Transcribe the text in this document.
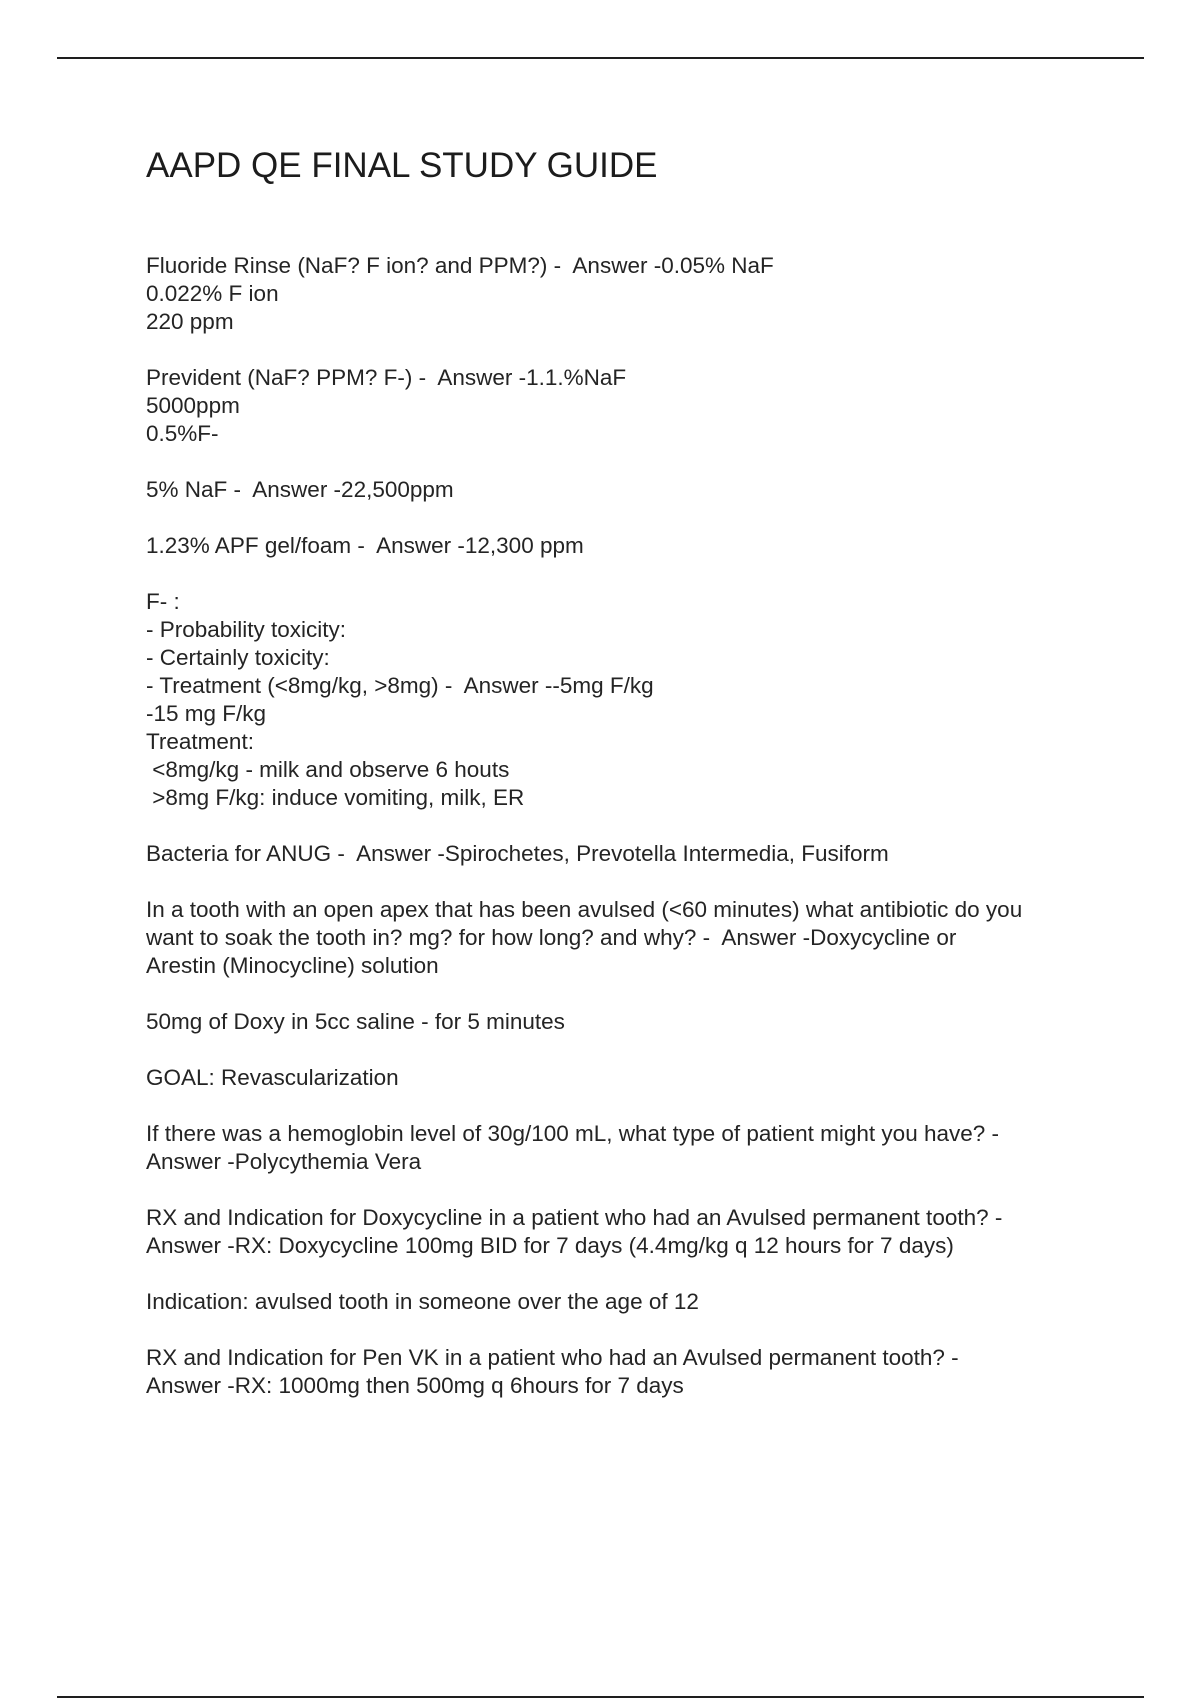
AAPD QE FINAL STUDY GUIDE

Fluoride Rinse (NaF? F ion? and PPM?) -  Answer -0.05% NaF
0.022% F ion
220 ppm

Prevident (NaF? PPM? F-) -  Answer -1.1.%NaF
5000ppm
0.5%F-

5% NaF -  Answer -22,500ppm

1.23% APF gel/foam -  Answer -12,300 ppm

F- :
- Probability toxicity:
- Certainly toxicity:
- Treatment (<8mg/kg, >8mg) -  Answer --5mg F/kg
-15 mg F/kg
Treatment:
<8mg/kg - milk and observe 6 houts
>8mg F/kg: induce vomiting, milk, ER

Bacteria for ANUG -  Answer -Spirochetes, Prevotella Intermedia, Fusiform

In a tooth with an open apex that has been avulsed (<60 minutes) what antibiotic do you
want to soak the tooth in? mg? for how long? and why? -  Answer -Doxycycline or
Arestin (Minocycline) solution

50mg of Doxy in 5cc saline - for 5 minutes

GOAL: Revascularization

If there was a hemoglobin level of 30g/100 mL, what type of patient might you have? -
Answer -Polycythemia Vera

RX and Indication for Doxycycline in a patient who had an Avulsed permanent tooth? -
Answer -RX: Doxycycline 100mg BID for 7 days (4.4mg/kg q 12 hours for 7 days)

Indication: avulsed tooth in someone over the age of 12

RX and Indication for Pen VK in a patient who had an Avulsed permanent tooth? -
Answer -RX: 1000mg then 500mg q 6hours for 7 days
